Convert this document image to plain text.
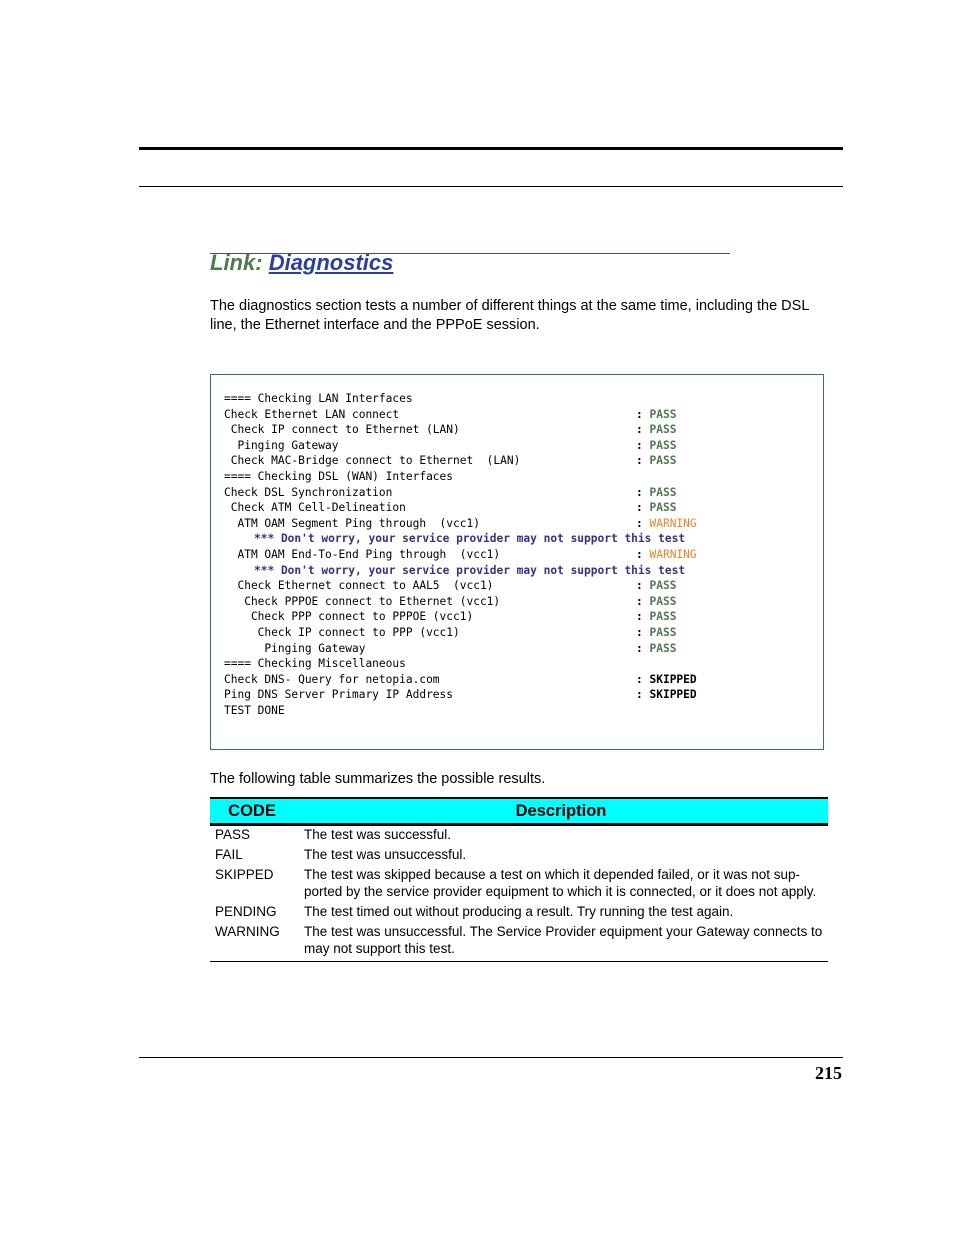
Link: Diagnostics

The diagnostics section tests a number of different things at the same time, including the DSL line, the Ethernet interface and the PPPoE session.

==== Checking LAN Interfaces
Check Ethernet LAN connect	: PASS
Check IP connect to Ethernet (LAN)	: PASS
Pinging Gateway	: PASS
Check MAC-Bridge connect to Ethernet  (LAN)	: PASS
==== Checking DSL (WAN) Interfaces
Check DSL Synchronization	: PASS
Check ATM Cell-Delineation	: PASS
ATM OAM Segment Ping through  (vcc1)	: WARNING
*** Don't worry, your service provider may not support this test
ATM OAM End-To-End Ping through  (vcc1)	: WARNING
*** Don't worry, your service provider may not support this test
Check Ethernet connect to AAL5  (vcc1)	: PASS
Check PPPOE connect to Ethernet (vcc1)	: PASS
Check PPP connect to PPPOE (vcc1)	: PASS
Check IP connect to PPP (vcc1)	: PASS
Pinging Gateway	: PASS
==== Checking Miscellaneous
Check DNS- Query for netopia.com	: SKIPPED
Ping DNS Server Primary IP Address	: SKIPPED
TEST DONE

The following table summarizes the possible results.

CODE	Description
PASS	The test was successful.
FAIL	The test was unsuccessful.
SKIPPED	The test was skipped because a test on which it depended failed, or it was not sup-ported by the service provider equipment to which it is connected, or it does not apply.
PENDING	The test timed out without producing a result. Try running the test again.
WARNING	The test was unsuccessful. The Service Provider equipment your Gateway connects to may not support this test.
215
